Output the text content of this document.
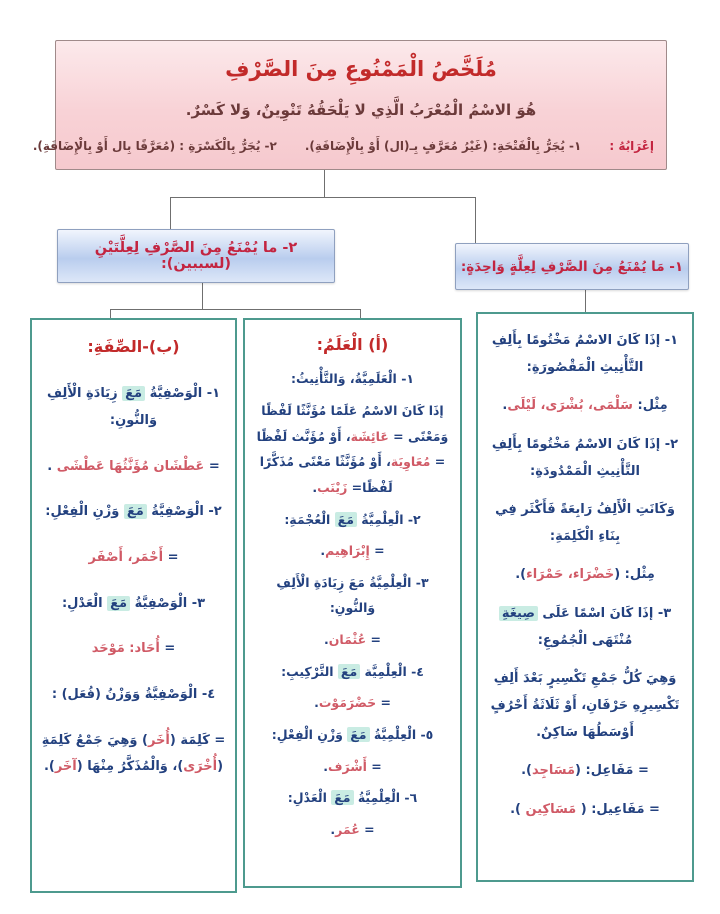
مُلَخَّصُ الْمَمْنُوعِ مِنَ الصَّرْفِ
هُوَ الاسْمُ الْمُعْرَبُ الَّذِي لا يَلْحَقُهُ تَنْوِينٌ، وَلا كَسْرٌ.
إعْرَابُهُ :
١- يُجَرُّ بِالْفَتْحَةِ: (غَيْرُ مُعَرَّفٍ بِـ(ال) أَوْ بِالْإِضَافَةِ).
٢- يُجَرُّ بِالْكَسْرَةِ : (مُعَرَّفًا بِال أَوْ بِالْإِضَافَةِ).
٢- ما يُمْنَعُ مِنَ الصَّرْفِ لِعِلَّتَيْنِ (لسببين):	١- مَا يُمْنَعُ مِنَ الصَّرْفِ لِعِلَّةٍ وَاحِدَةٍ:
١- إذَا كَانَ الاسْمُ مَخْتُومًا بِأَلِفِ التَّأْنِيثِ الْمَقْصُورَةِ:
مِثْل: سَلْمَى، بُشْرَى، لَيْلَى.
٢- إذَا كَانَ الاسْمُ مَخْتُومًا بِأَلِفِ التَّأْنِيثِ الْمَمْدُودَةِ:
وَكَانَتِ الْأَلِفُ رَابِعَةً فَأَكْثَر فِي بِنَاءِ الْكَلِمَةِ:
مِثْل: (خَضْرَاء، حَمْرَاء).
٣- إذَا كَانَ اسْمًا عَلَى صِيغَةِ مُنْتَهَى الْجُمُوعِ:
وَهِيَ كُلُّ جَمْعِ تَكْسِيرٍ بَعْدَ أَلِفِ تَكْسِيرِهِ حَرْفَانِ، أَوْ ثَلَاثَةُ أَحْرُفٍ أَوْسَطُهَا سَاكِنٌ.
= مَفَاعِل: (مَسَاجِد).
= مَفَاعِيل: ( مَسَاكِين ).
(أ) الْعَلَمُ:
١- الْعَلَمِيَّةُ، وَالتَّأْنِيثُ:
إذَا كَانَ الاسْمُ عَلَمًا مُؤَنَّثًا لَفْظًا وَمَعْنًى = عَائِشَة، أَوْ مُؤَنَّث لَفْظًا = مُعَاوِيَة، أَوْ مُؤَنَّثًا مَعْنًى مُذَكَّرًا لَفْظًا= زَيْنَب.
٢- الْعِلْمِيَّةُ مَعَ الْعُجْمَةِ:
= إِبْرَاهِيم.
٣- الْعِلْمِيَّةُ مَعَ زِيَادَةِ الْأَلِفِ وَالنُّونِ:
= عُثْمَان.
٤- الْعِلْمِيَّة مَعَ التَّرْكِيبِ:
= حَضْرَمَوْت.
٥- الْعِلْمِيَّةُ مَعَ وَزْنِ الْفِعْلِ:
= أَشْرَف.
٦- الْعِلْمِيَّةُ مَعَ الْعَدْلِ:
= عُمَر.
(ب)-الصِّفَةِ:
١- الْوَصْفِيَّةُ مَعَ زِيَادَةِ الْأَلِفِ وَالنُّونِ:
= عَطْشَان مُؤَنَّثُهَا عَطْشَى .
٢- الْوَصْفِيَّةُ مَعَ وَزْنِ الْفِعْلِ:
= أَحْمَر، أَصْفَر
٣- الْوَصْفِيَّةُ مَعَ الْعَدْلِ:
= أُحَاد: مَوْحَد
٤- الْوَصْفِيَّةُ وَوَزْنُ (فُعَل) :
= كَلِمَة (أُخَر) وَهِيَ جَمْعُ كَلِمَةِ (أُخْرَى)، وَالْمُذَكَّرُ مِنْهَا (آخَر).
